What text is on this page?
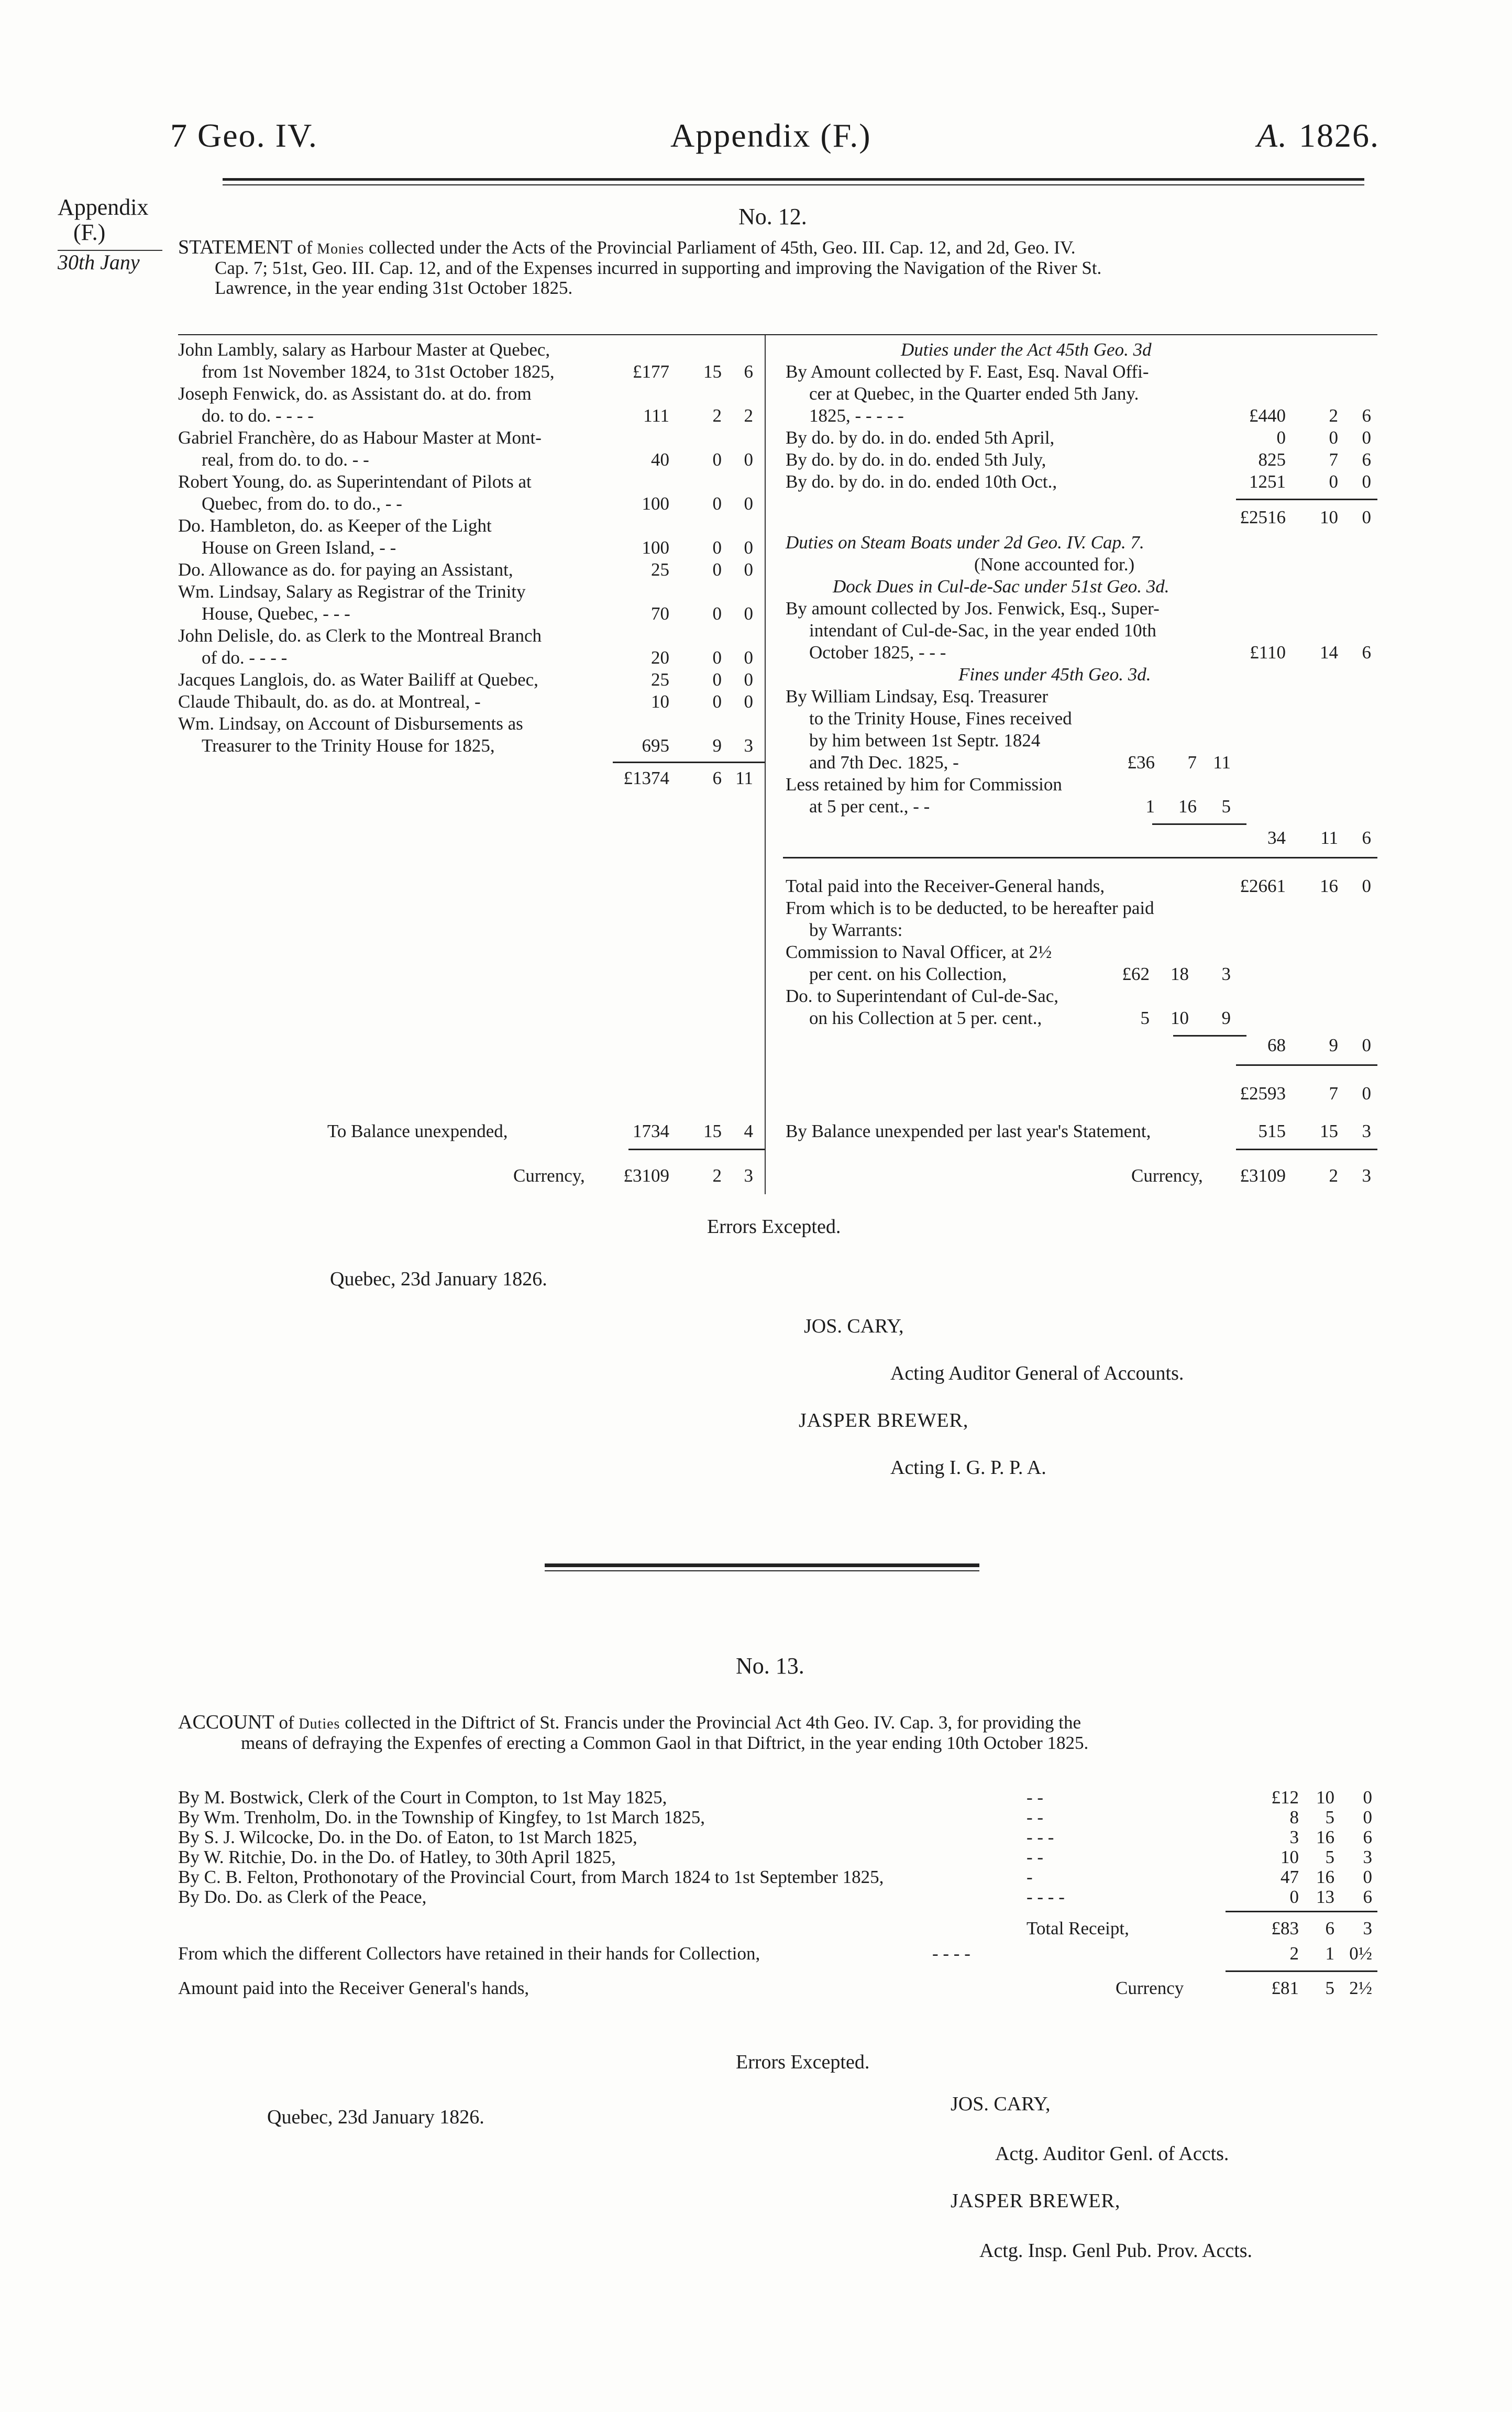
7 Geo. IV.	Appendix (F.)	A. 1826.
Appendix
(F.)
30th Jany
No. 12.
STATEMENT of Monies collected under the Acts of the Provincial Parliament of 45th, Geo. III. Cap. 12, and 2d, Geo. IV.
Cap. 7; 51st, Geo. III. Cap. 12, and of the Expenses incurred in supporting and improving the Navigation of the River St.
Lawrence, in the year ending 31st October 1825.
Errors Excepted.
Quebec, 23d January 1826.
JOS. CARY,
Acting Auditor General of Accounts.
JASPER BREWER,
Acting I. G. P. P. A.
No. 13.
ACCOUNT of Duties collected in the Diftrict of St. Francis under the Provincial Act 4th Geo. IV. Cap. 3, for providing the
means of defraying the Expenfes of erecting a Common Gaol in that Diftrict, in the year ending 10th October 1825.
Errors Excepted.
Quebec, 23d January 1826.
JOS. CARY,
Actg. Auditor Genl. of Accts.
JASPER BREWER,
Actg. Insp. Genl Pub. Prov. Accts.
John Lambly, salary as Harbour Master at Quebec,
from 1st November 1824, to 31st October 1825,	£177 15 6
Joseph Fenwick, do. as Assistant do. at do. from
do. to do. - - - -	111 2 2
Gabriel Franchère, do as Habour Master at Mont-
real, from do. to do. - -	40 0 0
Robert Young, do. as Superintendant of Pilots at
Quebec, from do. to do., - -	100 0 0
Do. Hambleton, do. as Keeper of the Light
House on Green Island, - -	100 0 0
Do. Allowance as do. for paying an Assistant,	25 0 0
Wm. Lindsay, Salary as Registrar of the Trinity
House, Quebec, - - -	70 0 0
John Delisle, do. as Clerk to the Montreal Branch
of do. - - - -	20 0 0
Jacques Langlois, do. as Water Bailiff at Quebec,	25 0 0
Claude Thibault, do. as do. at Montreal, -	10 0 0
Wm. Lindsay, on Account of Disbursements as
Treasurer to the Trinity House for 1825,	695 9 3
£1374 6 11
To Balance unexpended,	1734 15 4
Currency, £3109 2 3
Duties under the Act 45th Geo. 3d
By Amount collected by F. East, Esq. Naval Offi-
cer at Quebec, in the Quarter ended 5th Jany.
1825, - - - - -	£440 2 6
By do. by do. in do. ended 5th April,	0 0 0
By do. by do. in do. ended 5th July,	825 7 6
By do. by do. in do. ended 10th Oct.,	1251 0 0
£2516 10 0
Duties on Steam Boats under 2d Geo. IV. Cap. 7.
(None accounted for.)
Dock Dues in Cul-de-Sac under 51st Geo. 3d.
By amount collected by Jos. Fenwick, Esq., Super-
intendant of Cul-de-Sac, in the year ended 10th
October 1825, - - -	£110 14 6
Fines under 45th Geo. 3d.
By William Lindsay, Esq. Treasurer
to the Trinity House, Fines received
by him between 1st Septr. 1824
and 7th Dec. 1825, -	£36 7 11
Less retained by him for Commission
at 5 per cent., - -	1 16 5
34 11 6
Total paid into the Receiver-General hands,	£2661 16 0
From which is to be deducted, to be hereafter paid
by Warrants:
Commission to Naval Officer, at 2½
per cent. on his Collection,	£62 18 3
Do. to Superintendant of Cul-de-Sac,
on his Collection at 5 per. cent.,	5 10 9
68 9 0
£2593 7 0
By Balance unexpended per last year's Statement,	515 15 3
Currency, £3109 2 3
By M. Bostwick, Clerk of the Court in Compton, to 1st May 1825,	- -	£12 10 0
By Wm. Trenholm, Do. in the Township of Kingfey, to 1st March 1825,	- -	8 5 0
By S. J. Wilcocke, Do. in the Do. of Eaton, to 1st March 1825,	- - -	3 16 6
By W. Ritchie, Do. in the Do. of Hatley, to 30th April 1825,	- -	10 5 3
By C. B. Felton, Prothonotary of the Provincial Court, from March 1824 to 1st September 1825,	-	47 16 0
By Do. Do. as Clerk of the Peace,	- - - -	0 13 6
Total Receipt,	£83 6 3
From which the different Collectors have retained in their hands for Collection,	- - - -	2 1 0½
Amount paid into the Receiver General's hands,	Currency	£81 5 2½
